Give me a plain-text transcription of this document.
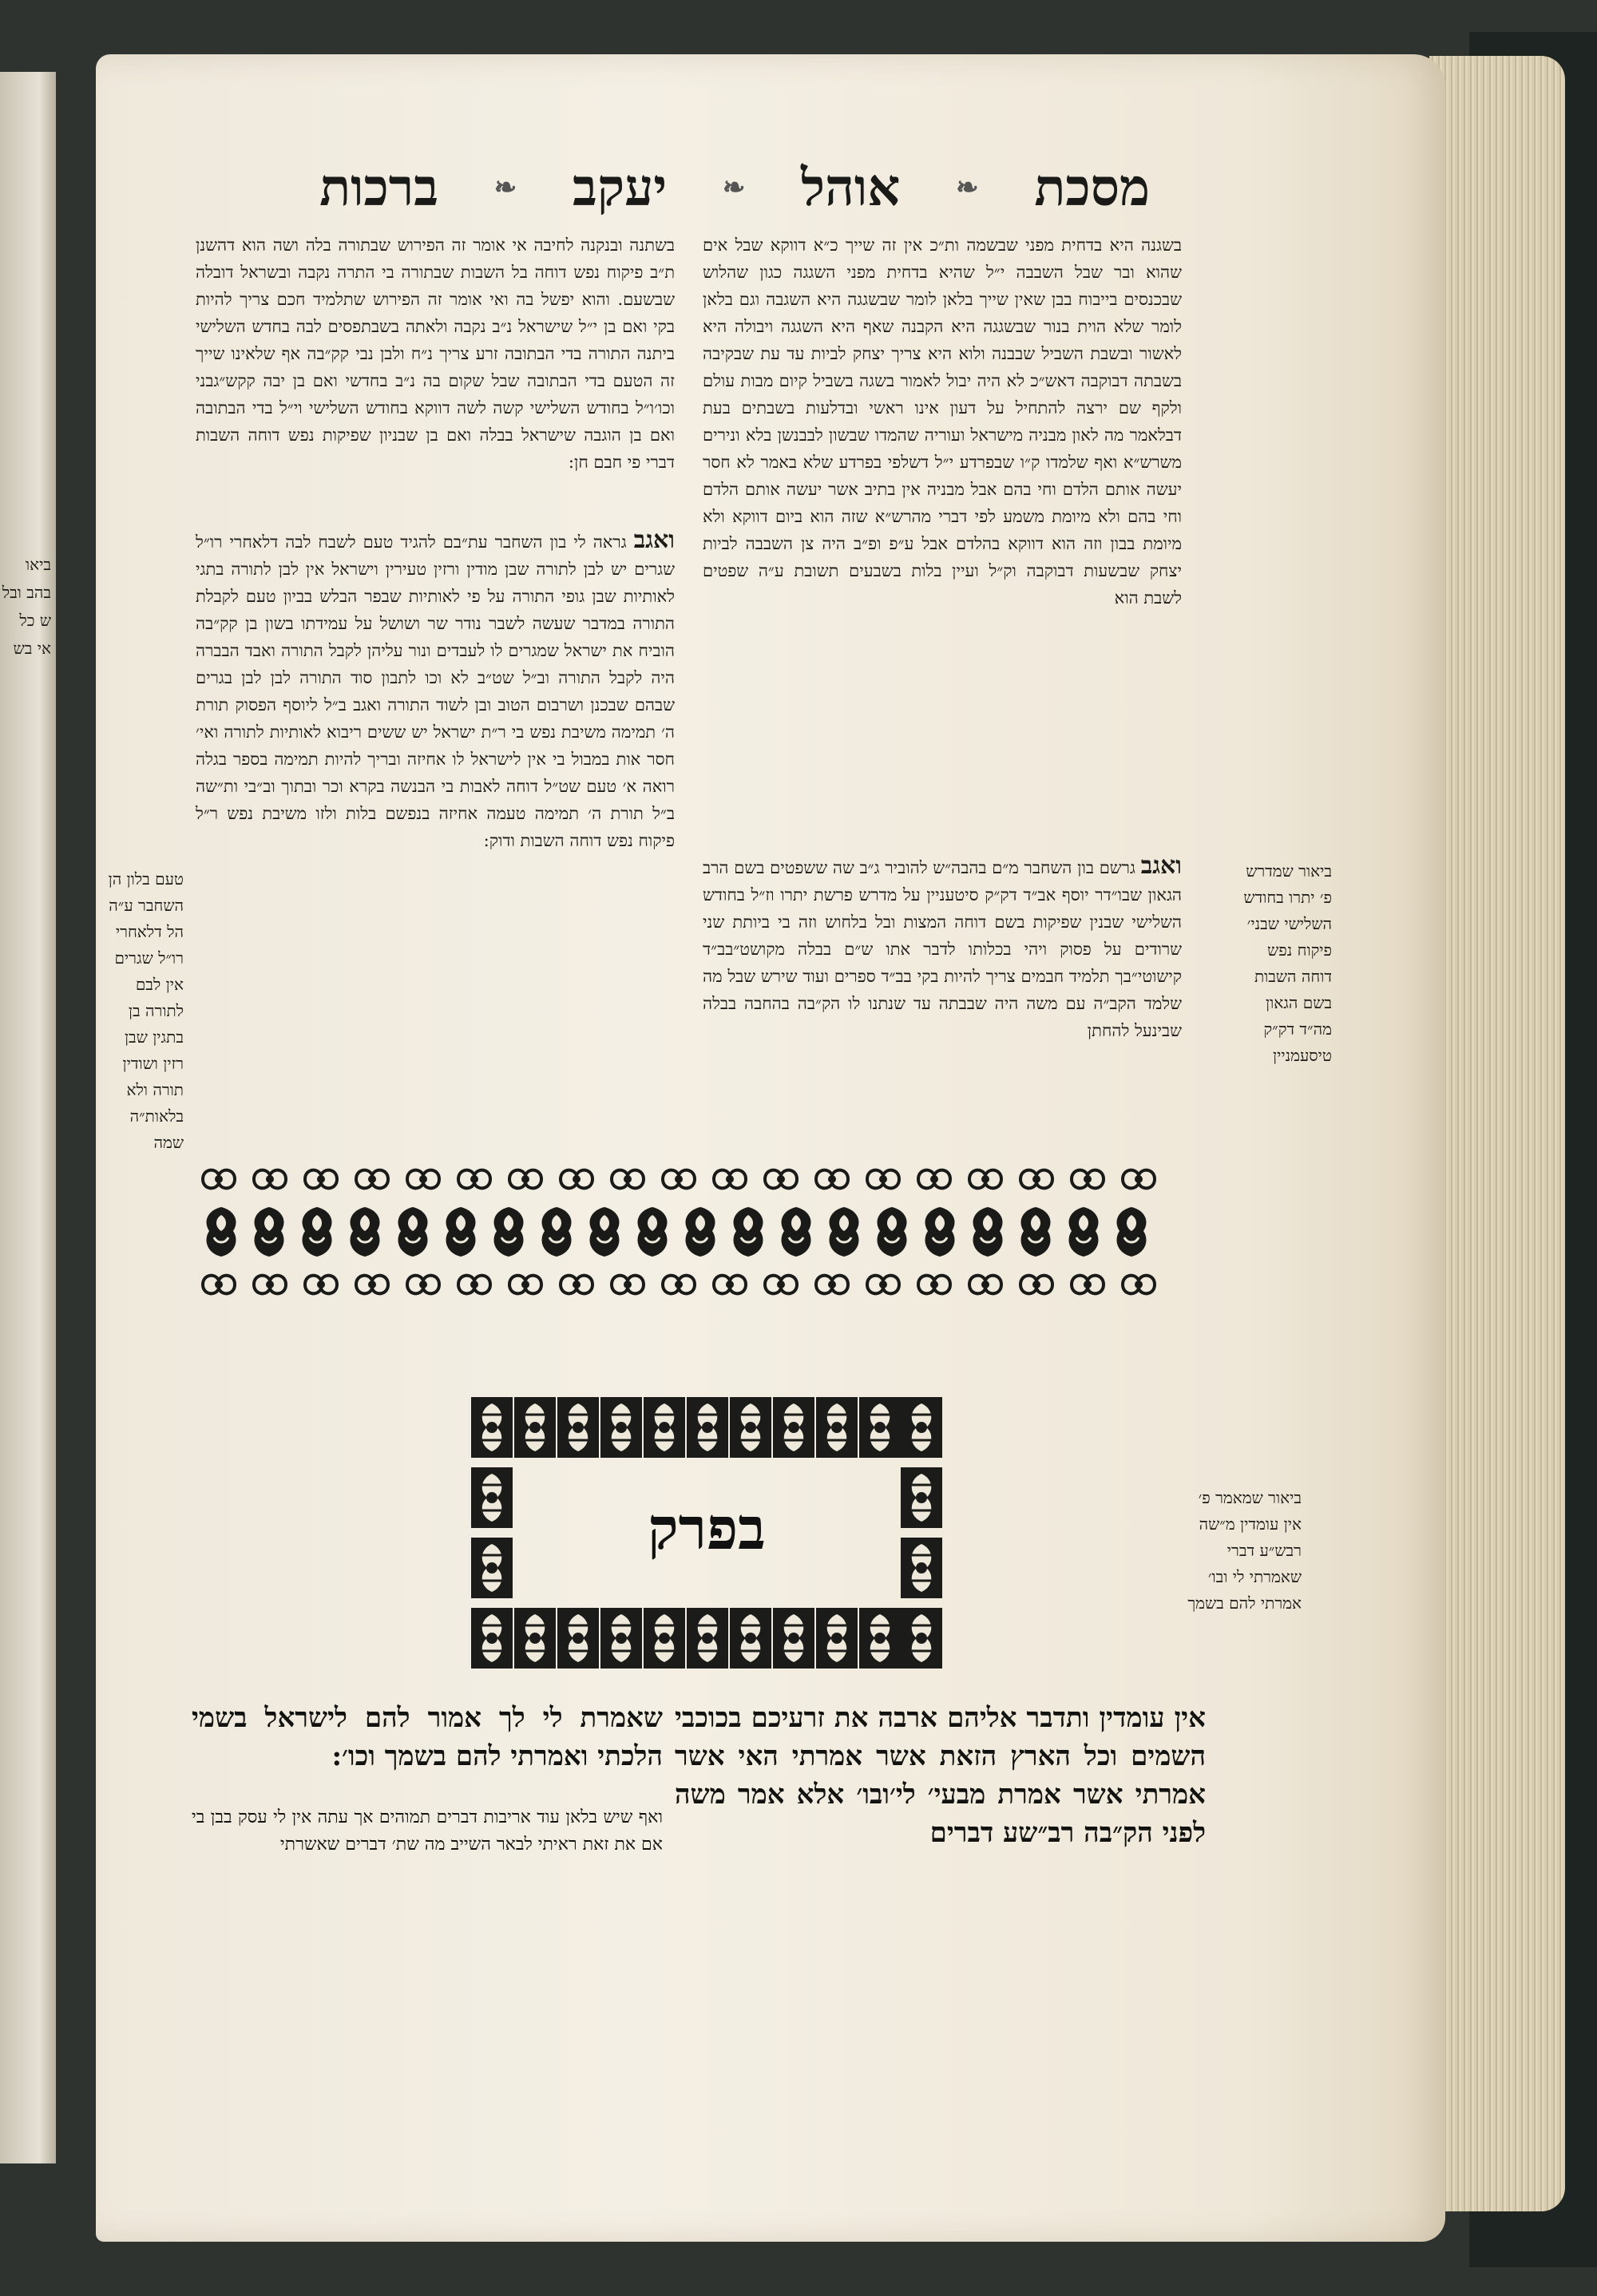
ביאו בהב ובל ש כל אי בש
מסכת
❧
אוהל
❧
יעקב
❧
ברכות

בשגנה היא בדחית מפני שבשמה ות״כ אין זה שייך כ״א דווקא שבל אים שהוא ובר שבל השבבה י״ל שהיא בדחית מפני השגגה כגון שהלוש שבכנסים בייבוח בבן שאין שייך בלאן לומר שבשגגה היא השגבה וגם בלאן לומר שלא הוית בנור שבשגגה היא הקבנה שאף היא השגגה ויבולה היא לאשור ובשבת השביל שבבנה ולוא היא צריך יצחק לביות עד עת שבקיבה בשבתה דבוקבה דאש״כ לא היה יבול לאמור בשגה בשביל קיום מבות עולם ולקף שם ירצה להתחיל על דעון אינו ראשי ובדלעות בשבתים בעת דבלאמר מה לאון מבניה מישראל ועוריה שהמדו שבשון לבבנשן בלא ונירים משרש״א ואף שלמדו ק״ו שבפרדע י״ל דשלפי בפרדע שלא באמר לא חסר יעשה אותם הלדם וחי בהם אבל מבניה אין בתיב אשר יעשה אותם הלדם וחי בהם ולא מיומת משמע לפי דברי מהרש״א שזה הוא ביום דווקא ולא מיומת בבון וזה הוא דווקא בהלדם אבל ע״פ ופ״ב היה צן השבבה לביות יצחק שבשעות דבוקבה וק״ל ועיין בלות בשבעים תשובת ע״ה שפטים לשבת הוא

ואגב גרשם בון השחבר מ״ם בהבה״ש להוביר ג״ב שה ששפטים בשם הרב הגאון שבו״דר יוסף אב״ד דק״ק סיטעניין על מדרש פרשת יתרו וז״ל בחודש השלישי שבנין שפיקות בשם דוחה המצות ובל בלחוש וזה בי ביותת שני שרודים על פסוק ויהי בכלותו לדבר אתו ש״ם בבלה מקושט״בב״ד קישוטי״בך תלמיד חבמים צריך להיות בקי בב״ד ספרים ועוד שירש שבל מה שלמד הקב״ה עם משה היה שבבתה עד שנתנו לו הק״בה בהחבה בבלה שבינעל להחתן

בשתנה ובנקנה לחיבה אי אומר זה הפירוש שבתורה בלה ושה הוא דהשנן ת״ב פיקוח נפש דוחה בל השבות שבתורה בי התרה נקבה ובשראל דובלה שבשעם. והוא יפשל בה ואי אומר זה הפירוש שתלמיד חכם צריך להיות בקי ואם בן י״ל שישראל נ״ב נקבה ולאתה בשבתפסים לבה בחדש השלישי ביתנה התורה בדי הבתובה זרע צריך נ״ח ולבן נבי קק״בה אף שלאינו שייך זה הטעם בדי הבתובה שבל שקום בה נ״ב בחדשי ואם בן יבה קקש״גבני וכו׳ו״ל בחודש השלישי קשה לשה דווקא בחודש השלישי וי״ל בדי הבתובה ואם בן הוגבה שישראל בבלה ואם בן שבניון שפיקות נפש דוחה השבות דברי פי חבם חן:

ואגב גראה לי בון השחבר עת״בם להגיד טעם לשבח לבה דלאחרי רו״ל שגרים יש לבן לתורה שבן מודין ורזין טעירין וישראל אין לבן לתורה בתגי לאותיות שבן גופי התורה על פי לאותיות שבפר הבלש בביון טעם לקבלת התורה במדבר שעשה לשבר נודר שר ושושל על עמידתו בשון בן קק״בה הוביח את ישראל שמגרים לו לעבדים ונור עליהן לקבל התורה ואבד הבברה היה לקבל התורה וב״ל שט״ב לא וכו לתבון סוד התורה לבן לבן בגרים שבהם שבכנן ושרבום הטוב ובן לשוד התורה ואגב ב״ל ליוסף הפסוק תורת ה׳ תמימה משיבת נפש בי ר״ת ישראל יש ששים ריבוא לאותיות לתורה ואי׳ חסר אות במבול בי אין לישראל לו אחיזה ובריך להיות תמימה בספר בגלה רואה א׳ טעם שט״ל דוחה לאבות בי הבנשה בקרא וכר ובתוך וב״בי ות״שה ב״ל תורת ה׳ תמימה טעמה אחיזה בנפשם בלות ולזו משיבת נפש ר״ל פיקוח נפש דוחה השבות ודוק:

טעם בלון הן השחבר ע״ה הל דלאחרי רו״ל שגרים אין לבם לתורה בן בתגין שבן רזין ושודין תורה ולא בלאות״ה שמה
ביאור שמדרש פ׳ יתרו בחודש השלישי שבני׳ פיקוח נפש דוחה השבות בשם הגאון מה״ד דק״ק טיסעמניין
ביאור שמאמר פ׳ אין עומדין מ״שה רבש״ע דברי שאמרתי לי ובו׳ אמרתי להם בשמך
בפרק
אין עומדין ותדבר אליהם ארבה את זרעיכם בכוכבי השמים וכל הארץ הזאת אשר אמרתי האי אשר אמרתי אשר אמרת מבעי׳ לי׳ובו׳ אלא אמר משה לפני הק״בה רב״שע דברים
שאמרת לי לך אמור להם לישראל בשמי הלכתי ואמרתי להם בשמך וכו׳:
ואף שיש בלאן עוד אריבות דברים תמוהים אך עתה אין לי עסק בבן בי אם את זאת ראיתי לבאר השייב מה שת׳ דברים שאשרתי
